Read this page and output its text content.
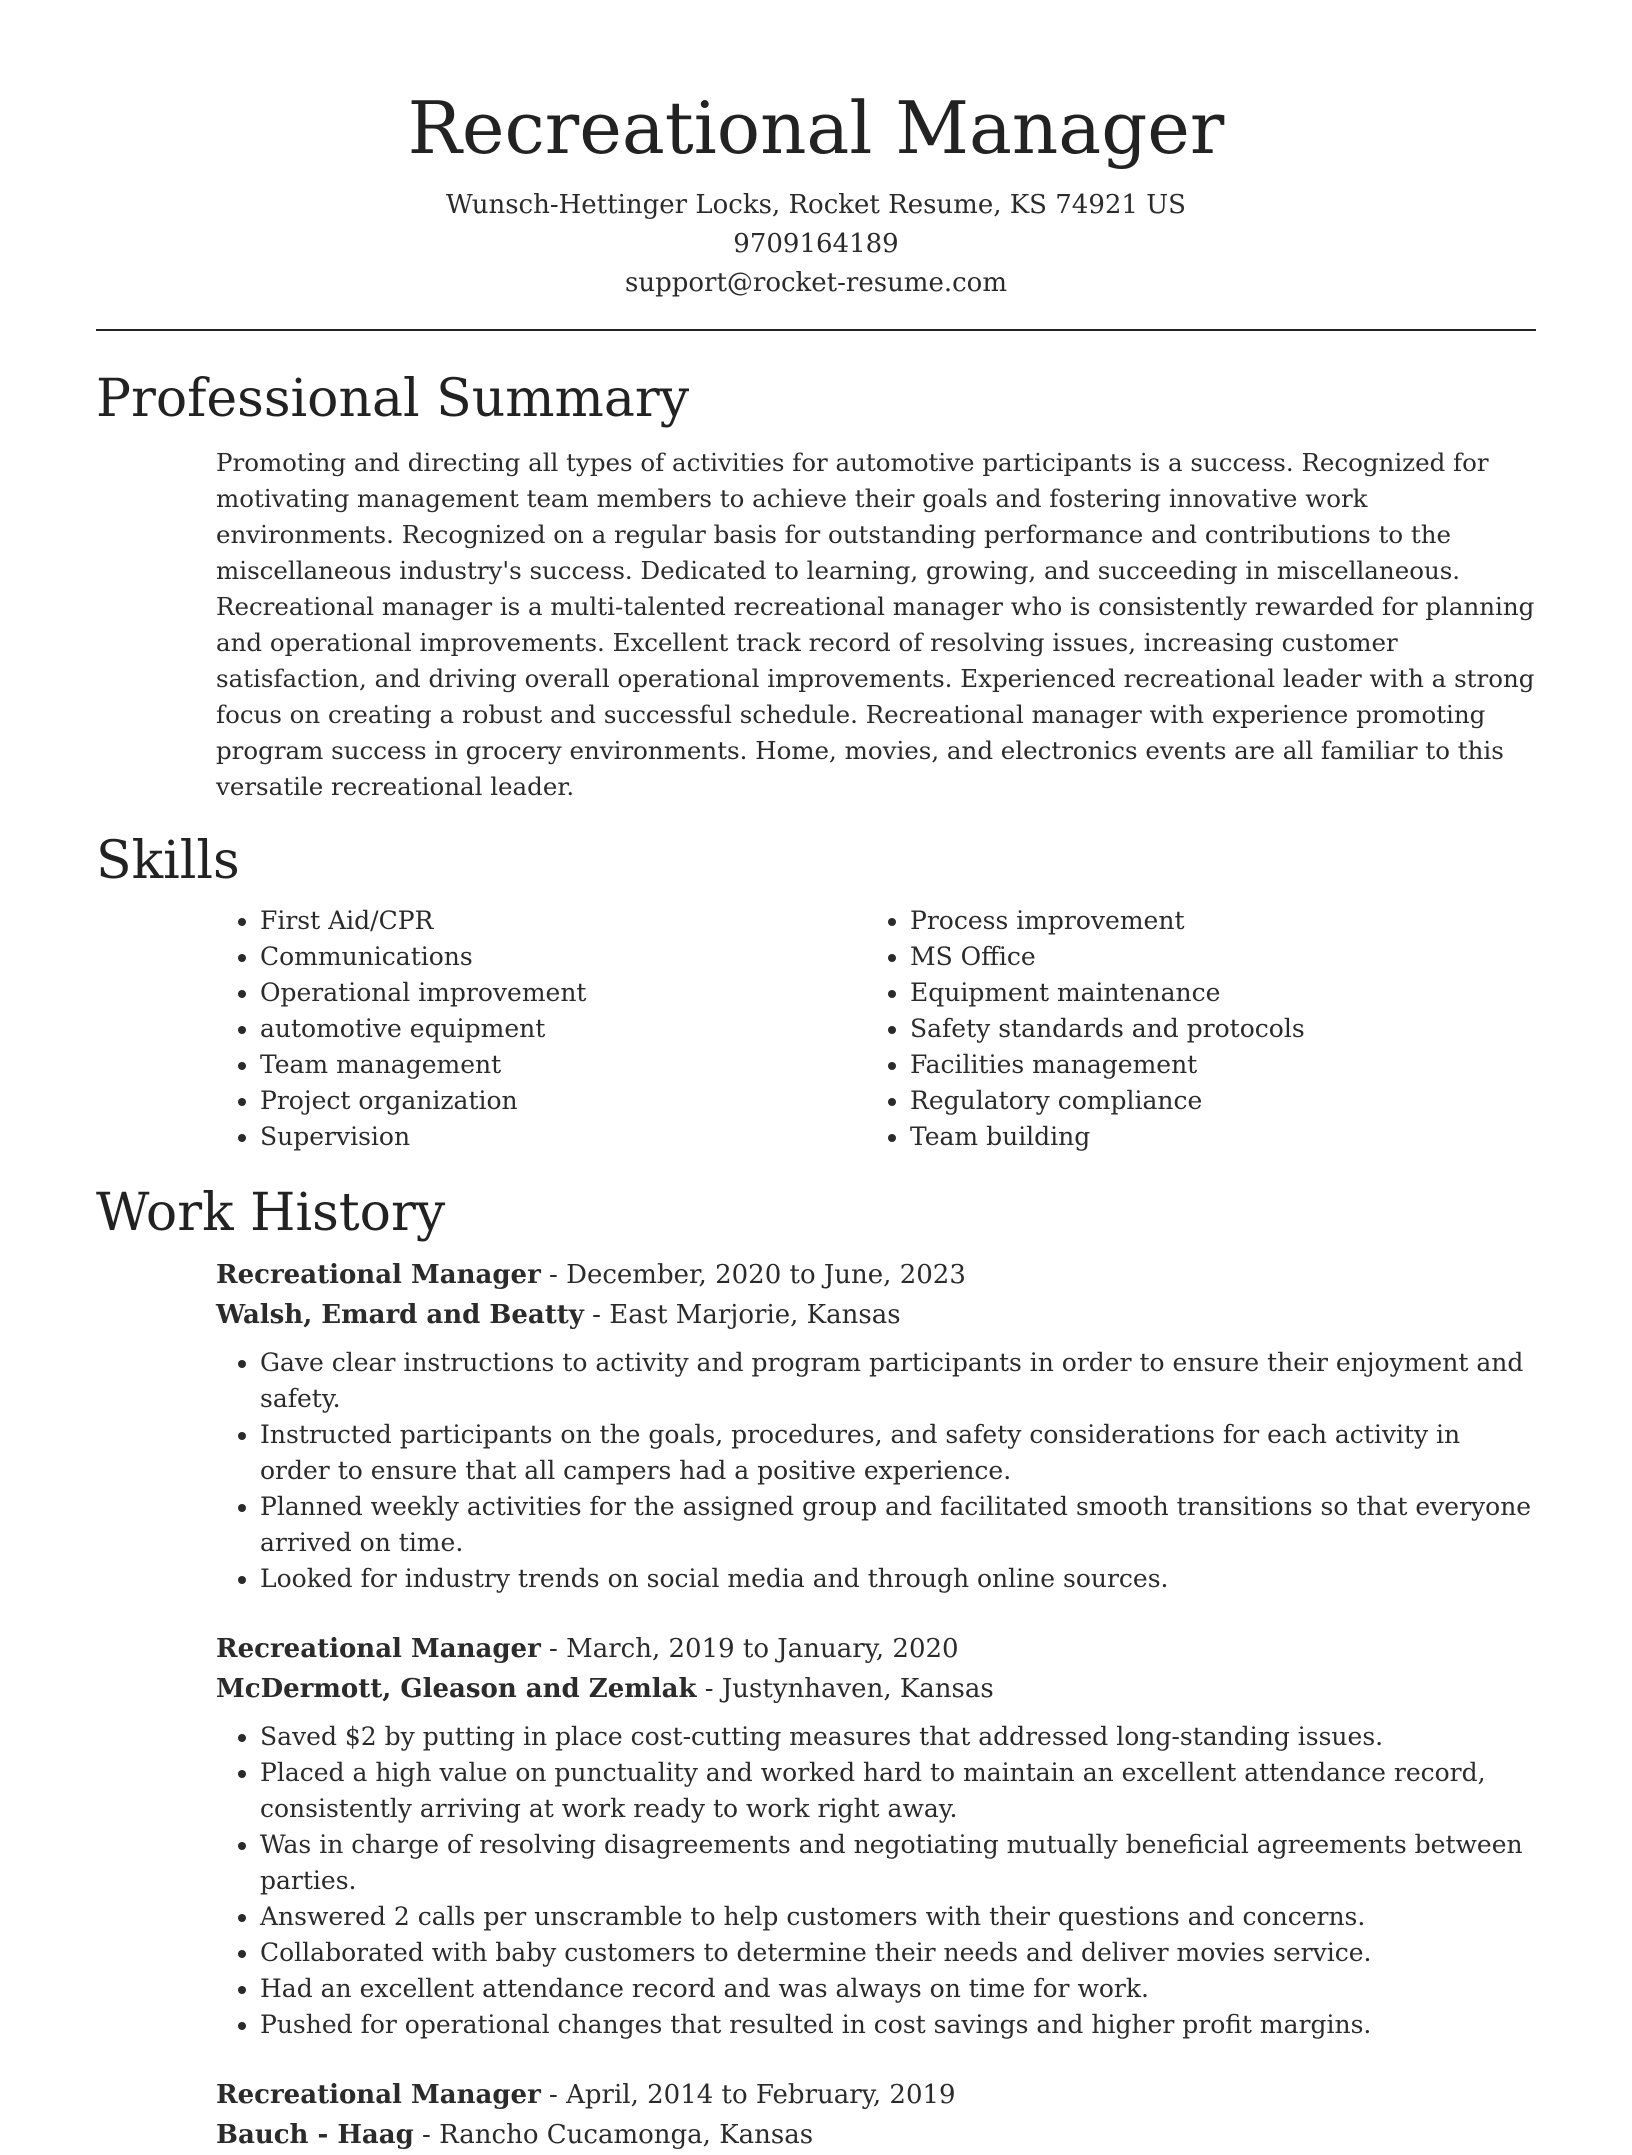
Recreational Manager
Wunsch-Hettinger Locks, Rocket Resume, KS 74921 US
9709164189
support@rocket-resume.com
Professional Summary

Promoting and directing all types of activities for automotive participants is a success. Recognized for motivating management team members to achieve their goals and fostering innovative work environments. Recognized on a regular basis for outstanding performance and contributions to the miscellaneous industry's success. Dedicated to learning, growing, and succeeding in miscellaneous. Recreational manager is a multi-talented recreational manager who is consistently rewarded for planning and operational improvements. Excellent track record of resolving issues, increasing customer satisfaction, and driving overall operational improvements. Experienced recreational leader with a strong focus on creating a robust and successful schedule. Recreational manager with experience promoting program success in grocery environments. Home, movies, and electronics events are all familiar to this versatile recreational leader.

Skills
• First Aid/CPR
• Communications
• Operational improvement
• automotive equipment
• Team management
• Project organization
• Supervision
• Process improvement
• MS Office
• Equipment maintenance
• Safety standards and protocols
• Facilities management
• Regulatory compliance
• Team building
Work History
Recreational Manager - December, 2020 to June, 2023
Walsh, Emard and Beatty - East Marjorie, Kansas
• Gave clear instructions to activity and program participants in order to ensure their enjoyment and safety.
• Instructed participants on the goals, procedures, and safety considerations for each activity in order to ensure that all campers had a positive experience.
• Planned weekly activities for the assigned group and facilitated smooth transitions so that everyone arrived on time.
• Looked for industry trends on social media and through online sources.
Recreational Manager - March, 2019 to January, 2020
McDermott, Gleason and Zemlak - Justynhaven, Kansas
• Saved $2 by putting in place cost-cutting measures that addressed long-standing issues.
• Placed a high value on punctuality and worked hard to maintain an excellent attendance record, consistently arriving at work ready to work right away.
• Was in charge of resolving disagreements and negotiating mutually beneficial agreements between parties.
• Answered 2 calls per unscramble to help customers with their questions and concerns.
• Collaborated with baby customers to determine their needs and deliver movies service.
• Had an excellent attendance record and was always on time for work.
• Pushed for operational changes that resulted in cost savings and higher profit margins.
Recreational Manager - April, 2014 to February, 2019
Bauch - Haag - Rancho Cucamonga, Kansas
